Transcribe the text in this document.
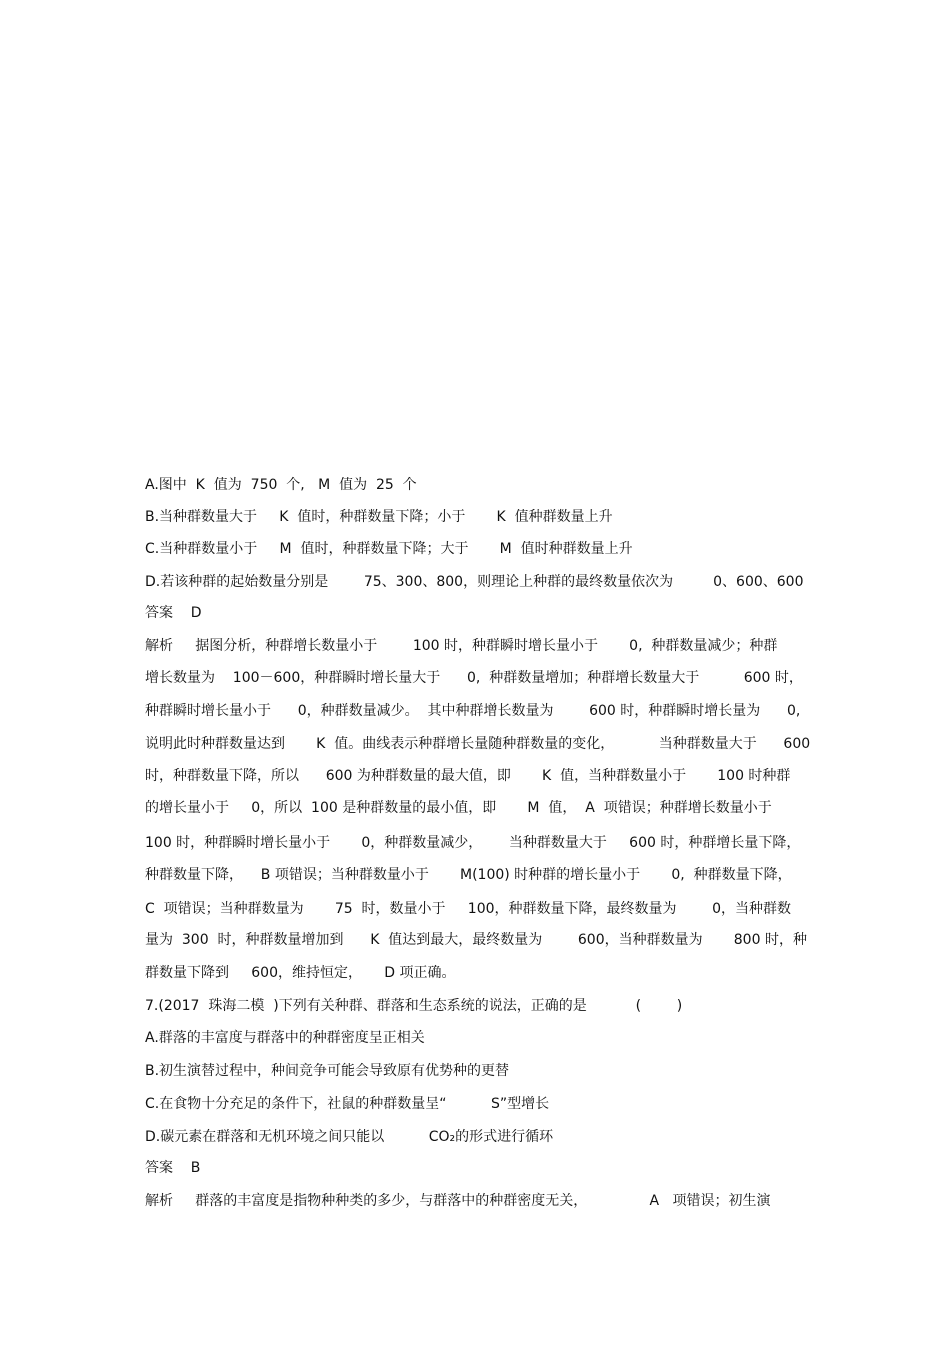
A.图中  K  值为  750  个,   M  值为  25  个
B.当种群数量大于     K  值时，种群数量下降；小于       K  值种群数量上升
C.当种群数量小于     M  值时，种群数量下降；大于       M  值时种群数量上升
D.若该种群的起始数量分别是        75、300、800，则理论上种群的最终数量依次为         0、600、600
答案    D
解析     据图分析，种群增长数量小于        100 时，种群瞬时增长量小于       0,  种群数量减少；种群
增长数量为    100－600，种群瞬时增长量大于      0,  种群数量增加；种群增长数量大于          600 时，
种群瞬时增长量小于      0，种群数量减少。  其中种群增长数量为        600 时，种群瞬时增长量为      0,
说明此时种群数量达到       K  值。曲线表示种群增长量随种群数量的变化，          当种群数量大于      600
时，种群数量下降，所以      600 为种群数量的最大值，即       K  值，当种群数量小于       100 时种群
的增长量小于     0，所以  100 是种群数量的最小值，即       M  值，  A  项错误；种群增长数量小于
100 时，种群瞬时增长量小于       0，种群数量减少，      当种群数量大于     600 时，种群增长量下降，
种群数量下降，    B 项错误；当种群数量小于       M(100) 时种群的增长量小于       0,  种群数量下降，
C  项错误；当种群数量为       75  时，数量小于     100，种群数量下降，最终数量为        0，当种群数
量为  300  时，种群数量增加到      K  值达到最大，最终数量为        600，当种群数量为       800 时，种
群数量下降到     600，维持恒定，     D 项正确。
7.(2017  珠海二模  )下列有关种群、群落和生态系统的说法，正确的是           (        )
A.群落的丰富度与群落中的种群密度呈正相关
B.初生演替过程中，种间竞争可能会导致原有优势种的更替
C.在食物十分充足的条件下，社鼠的种群数量呈“          S”型增长
D.碳元素在群落和无机环境之间只能以          CO₂的形式进行循环
答案    B
解析     群落的丰富度是指物种种类的多少，与群落中的种群密度无关，              A   项错误；初生演
